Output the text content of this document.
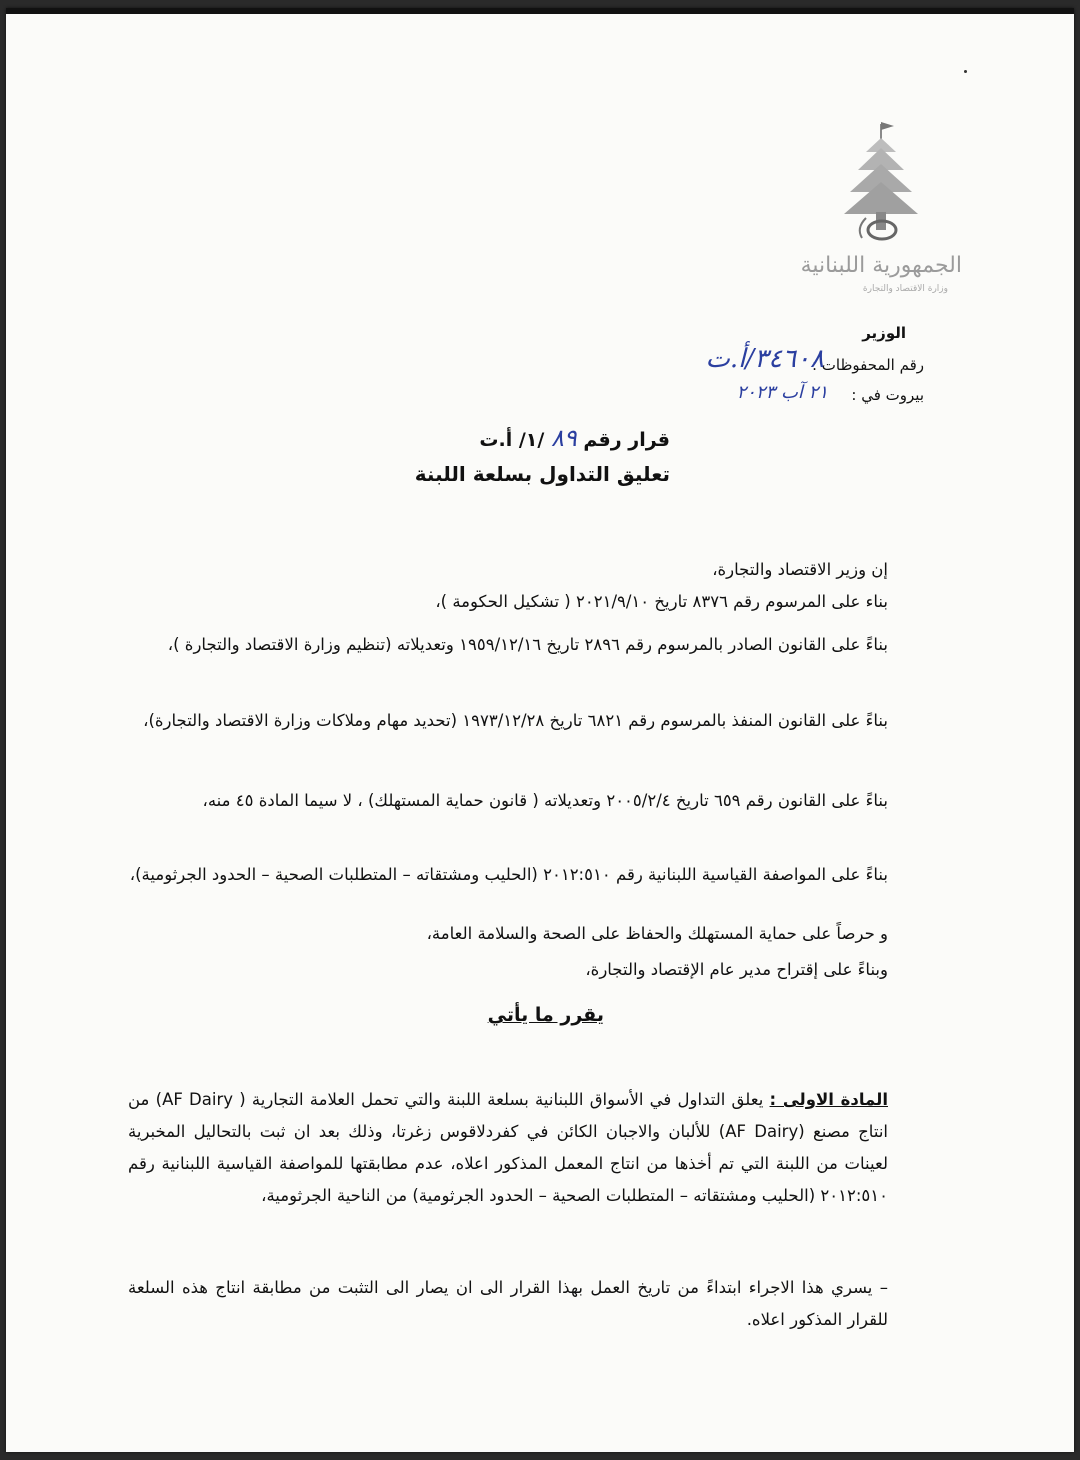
الجمهورية اللبنانية
وزارة الاقتصاد والتجارة
الوزير
رقم المحفوظات :
٣٤٦٠٨/أ.ت
بيروت في :
٢١ آب ٢٠٢٣
قرار رقم ٨٩ /١/ أ.ت
تعليق التداول بسلعة اللبنة
إن وزير الاقتصاد والتجارة،
بناء على المرسوم رقم ٨٣٧٦ تاريخ ٢٠٢١/٩/١٠ ( تشكيل الحكومة )،
بناءً على القانون الصادر بالمرسوم رقم ٢٨٩٦ تاريخ ١٩٥٩/١٢/١٦ وتعديلاته (تنظيم وزارة الاقتصاد والتجارة )،
بناءً على القانون المنفذ بالمرسوم رقم ٦٨٢١ تاريخ ١٩٧٣/١٢/٢٨ (تحديد مهام وملاكات وزارة الاقتصاد والتجارة)،
بناءً على القانون رقم ٦٥٩ تاريخ ٢٠٠٥/٢/٤ وتعديلاته ( قانون حماية المستهلك) ، لا سيما المادة ٤٥ منه،
بناءً على المواصفة القياسية اللبنانية رقم ٢٠١٢:٥١٠ (الحليب ومشتقاته – المتطلبات الصحية – الحدود الجرثومية)،
و حرصاً على حماية المستهلك والحفاظ على الصحة والسلامة العامة،
وبناءً على إقتراح مدير عام الإقتصاد والتجارة،
يقرر ما يأتي
المادة الاولى : يعلق التداول في الأسواق اللبنانية بسلعة اللبنة والتي تحمل العلامة التجارية ( AF Dairy) من انتاج مصنع (AF Dairy) للألبان والاجبان الكائن في كفردلاقوس زغرتا، وذلك بعد ان ثبت بالتحاليل المخبرية لعينات من اللبنة التي تم أخذها من انتاج المعمل المذكور اعلاه، عدم مطابقتها للمواصفة القياسية اللبنانية رقم ٢٠١٢:٥١٠ (الحليب ومشتقاته – المتطلبات الصحية – الحدود الجرثومية) من الناحية الجرثومية،
– يسري هذا الاجراء ابتداءً من تاريخ العمل بهذا القرار الى ان يصار الى التثبت من مطابقة انتاج هذه السلعة للقرار المذكور اعلاه.
